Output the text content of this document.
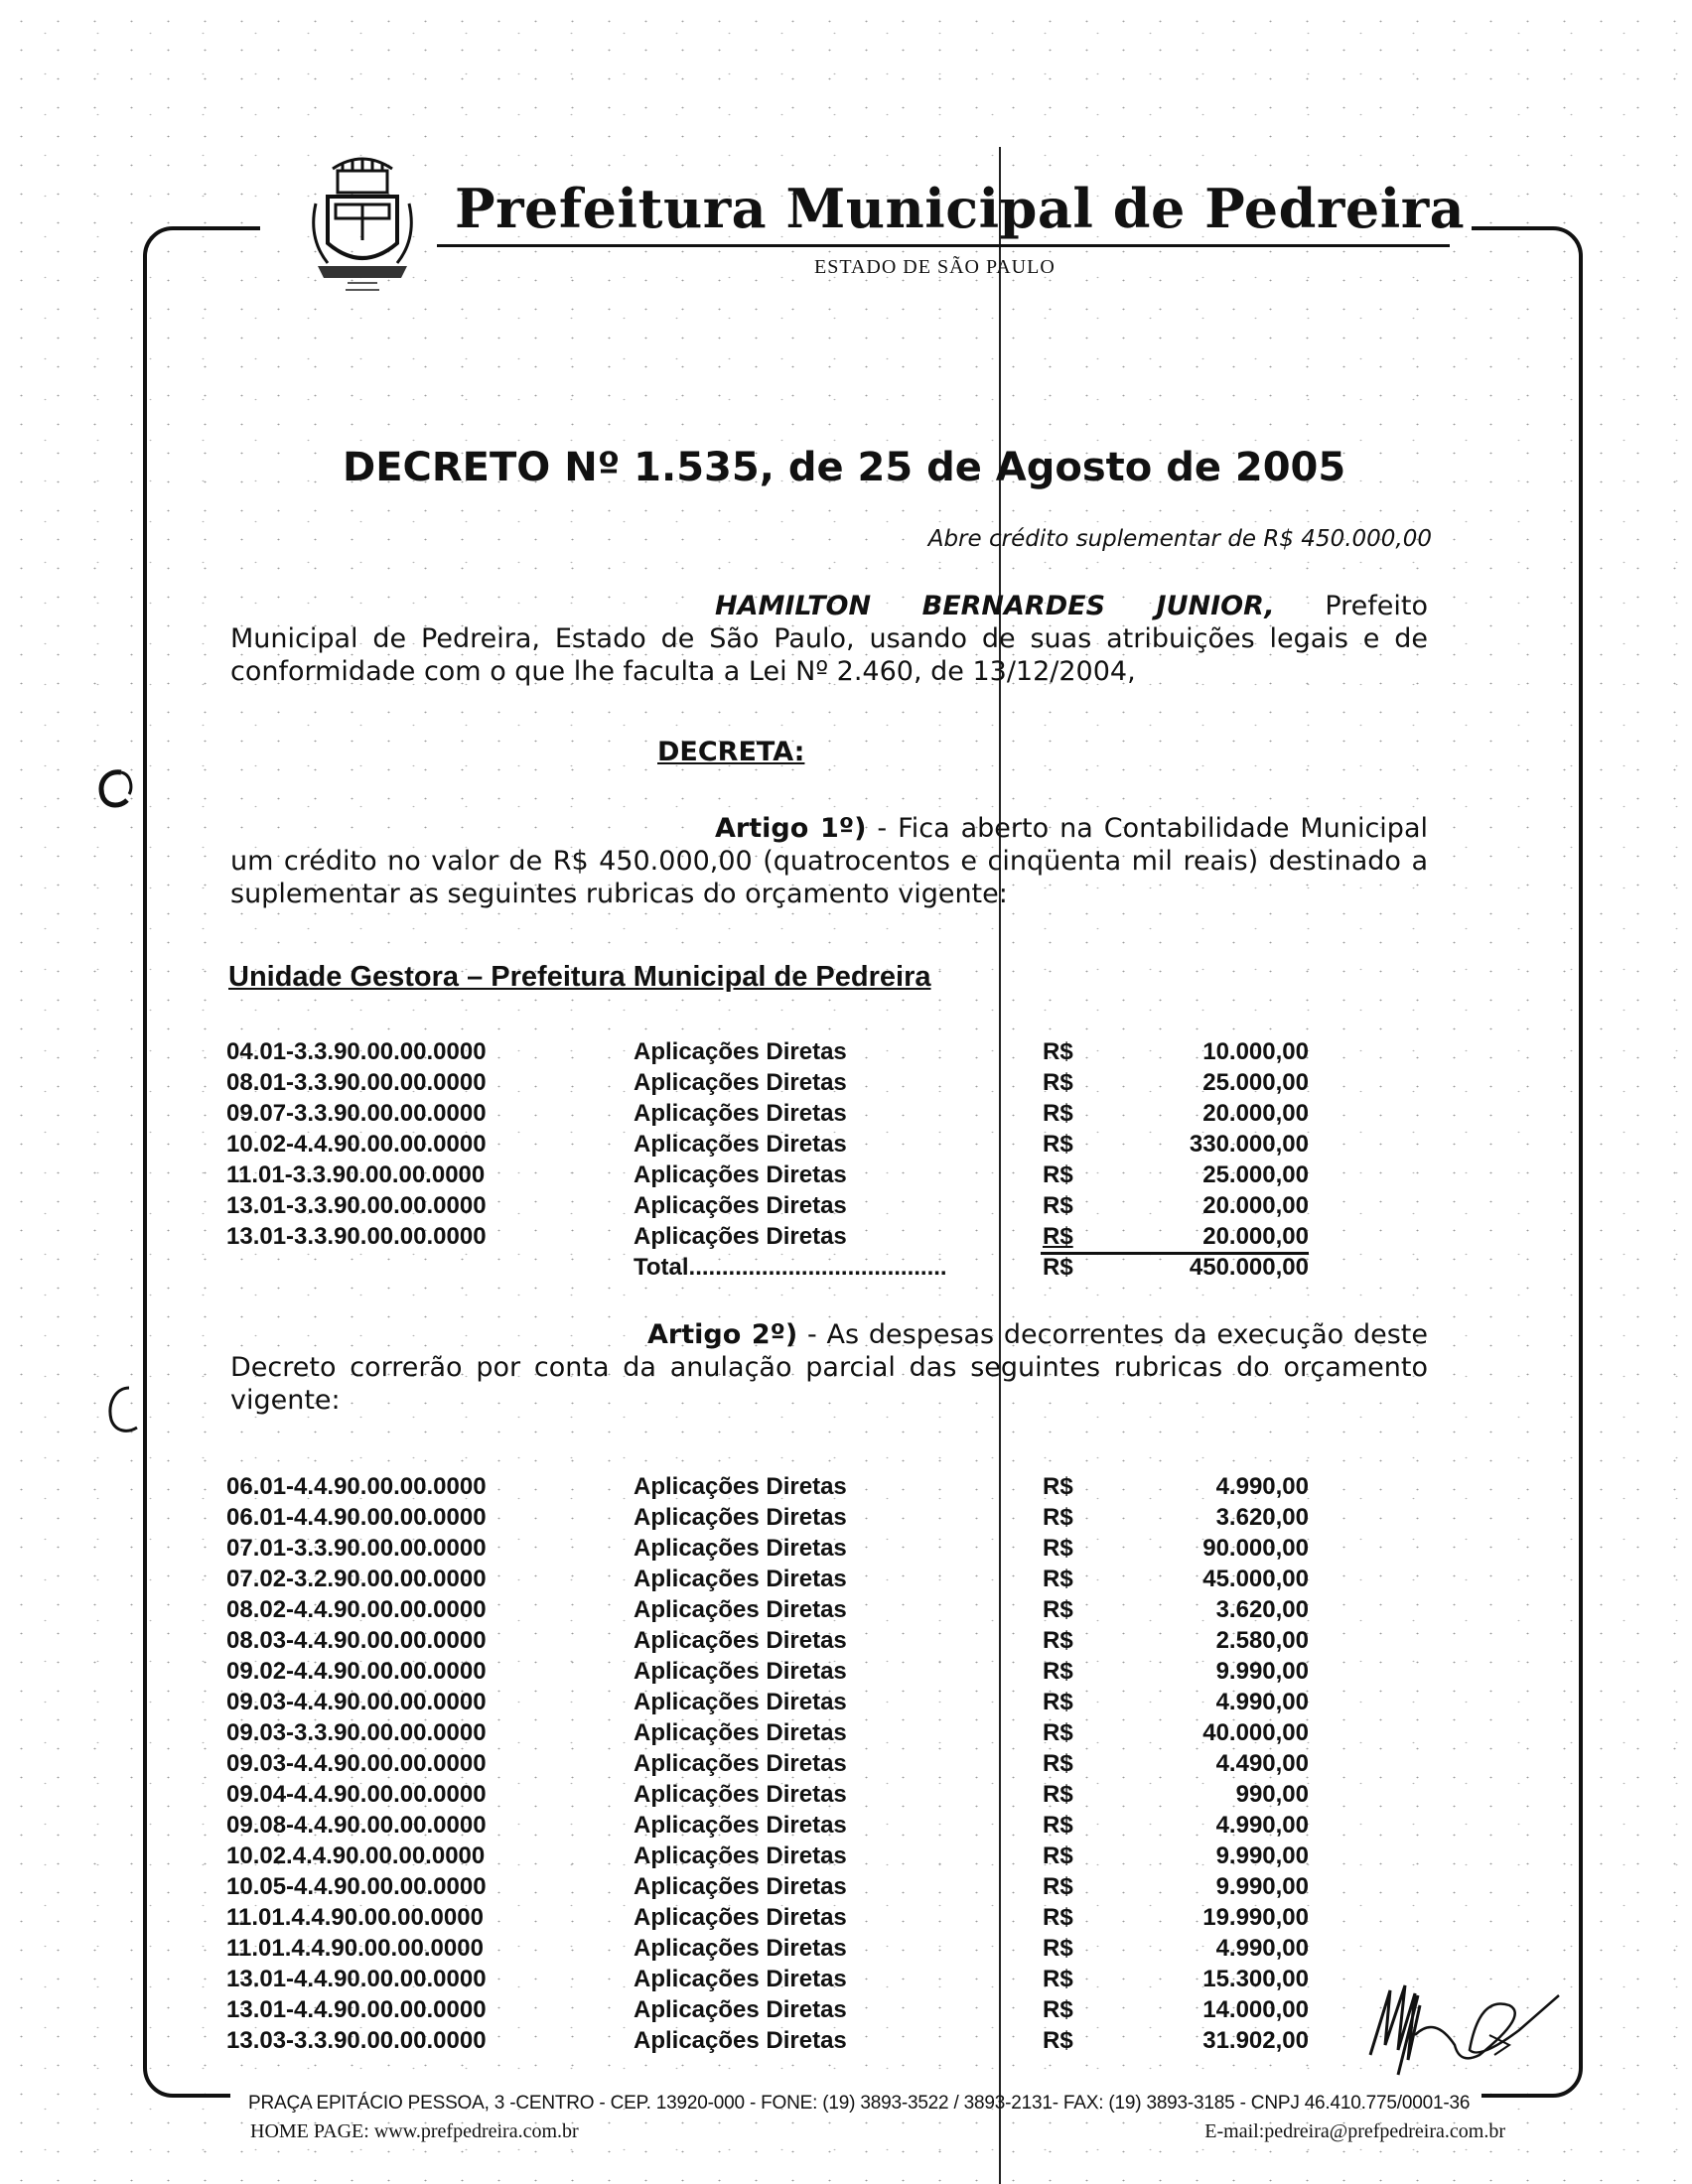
Prefeitura Municipal de Pedreira
ESTADO DE SÃO PAULO
DECRETO Nº 1.535, de 25 de Agosto de 2005
Abre crédito suplementar de R$ 450.000,00
HAMILTON BERNARDES JUNIOR, Prefeito Municipal de Pedreira, Estado de São Paulo, usando de suas atribuições legais e de conformidade com o que lhe faculta a Lei Nº 2.460, de 13/12/2004,
DECRETA:
Artigo 1º) - Fica aberto na Contabilidade Municipal um crédito no valor de R$ 450.000,00 (quatrocentos e cinqüenta mil reais) destinado a suplementar as seguintes rubricas do orçamento vigente:
Unidade Gestora – Prefeitura Municipal de Pedreira
04.01-3.3.90.00.00.0000	Aplicações Diretas	R$	10.000,00
08.01-3.3.90.00.00.0000	Aplicações Diretas	R$	25.000,00
09.07-3.3.90.00.00.0000	Aplicações Diretas	R$	20.000,00
10.02-4.4.90.00.00.0000	Aplicações Diretas	R$	330.000,00
11.01-3.3.90.00.00.0000	Aplicações Diretas	R$	25.000,00
13.01-3.3.90.00.00.0000	Aplicações Diretas	R$	20.000,00
13.01-3.3.90.00.00.0000	Aplicações Diretas	R$	20.000,00
Total.......................................	R$	450.000,00
Artigo 2º) - As despesas decorrentes da execução deste Decreto correrão por conta da anulação parcial das seguintes rubricas do orçamento vigente:
06.01-4.4.90.00.00.0000	Aplicações Diretas	R$	4.990,00
06.01-4.4.90.00.00.0000	Aplicações Diretas	R$	3.620,00
07.01-3.3.90.00.00.0000	Aplicações Diretas	R$	90.000,00
07.02-3.2.90.00.00.0000	Aplicações Diretas	R$	45.000,00
08.02-4.4.90.00.00.0000	Aplicações Diretas	R$	3.620,00
08.03-4.4.90.00.00.0000	Aplicações Diretas	R$	2.580,00
09.02-4.4.90.00.00.0000	Aplicações Diretas	R$	9.990,00
09.03-4.4.90.00.00.0000	Aplicações Diretas	R$	4.990,00
09.03-3.3.90.00.00.0000	Aplicações Diretas	R$	40.000,00
09.03-4.4.90.00.00.0000	Aplicações Diretas	R$	4.490,00
09.04-4.4.90.00.00.0000	Aplicações Diretas	R$	990,00
09.08-4.4.90.00.00.0000	Aplicações Diretas	R$	4.990,00
10.02.4.4.90.00.00.0000	Aplicações Diretas	R$	9.990,00
10.05-4.4.90.00.00.0000	Aplicações Diretas	R$	9.990,00
11.01.4.4.90.00.00.0000	Aplicações Diretas	R$	19.990,00
11.01.4.4.90.00.00.0000	Aplicações Diretas	R$	4.990,00
13.01-4.4.90.00.00.0000	Aplicações Diretas	R$	15.300,00
13.01-4.4.90.00.00.0000	Aplicações Diretas	R$	14.000,00
13.03-3.3.90.00.00.0000	Aplicações Diretas	R$	31.902,00
PRAÇA EPITÁCIO PESSOA, 3 -CENTRO - CEP. 13920-000 - FONE: (19) 3893-3522 / 3893-2131- FAX: (19) 3893-3185 - CNPJ 46.410.775/0001-36
HOME PAGE: www.prefpedreira.com.br	E-mail:pedreira@prefpedreira.com.br
